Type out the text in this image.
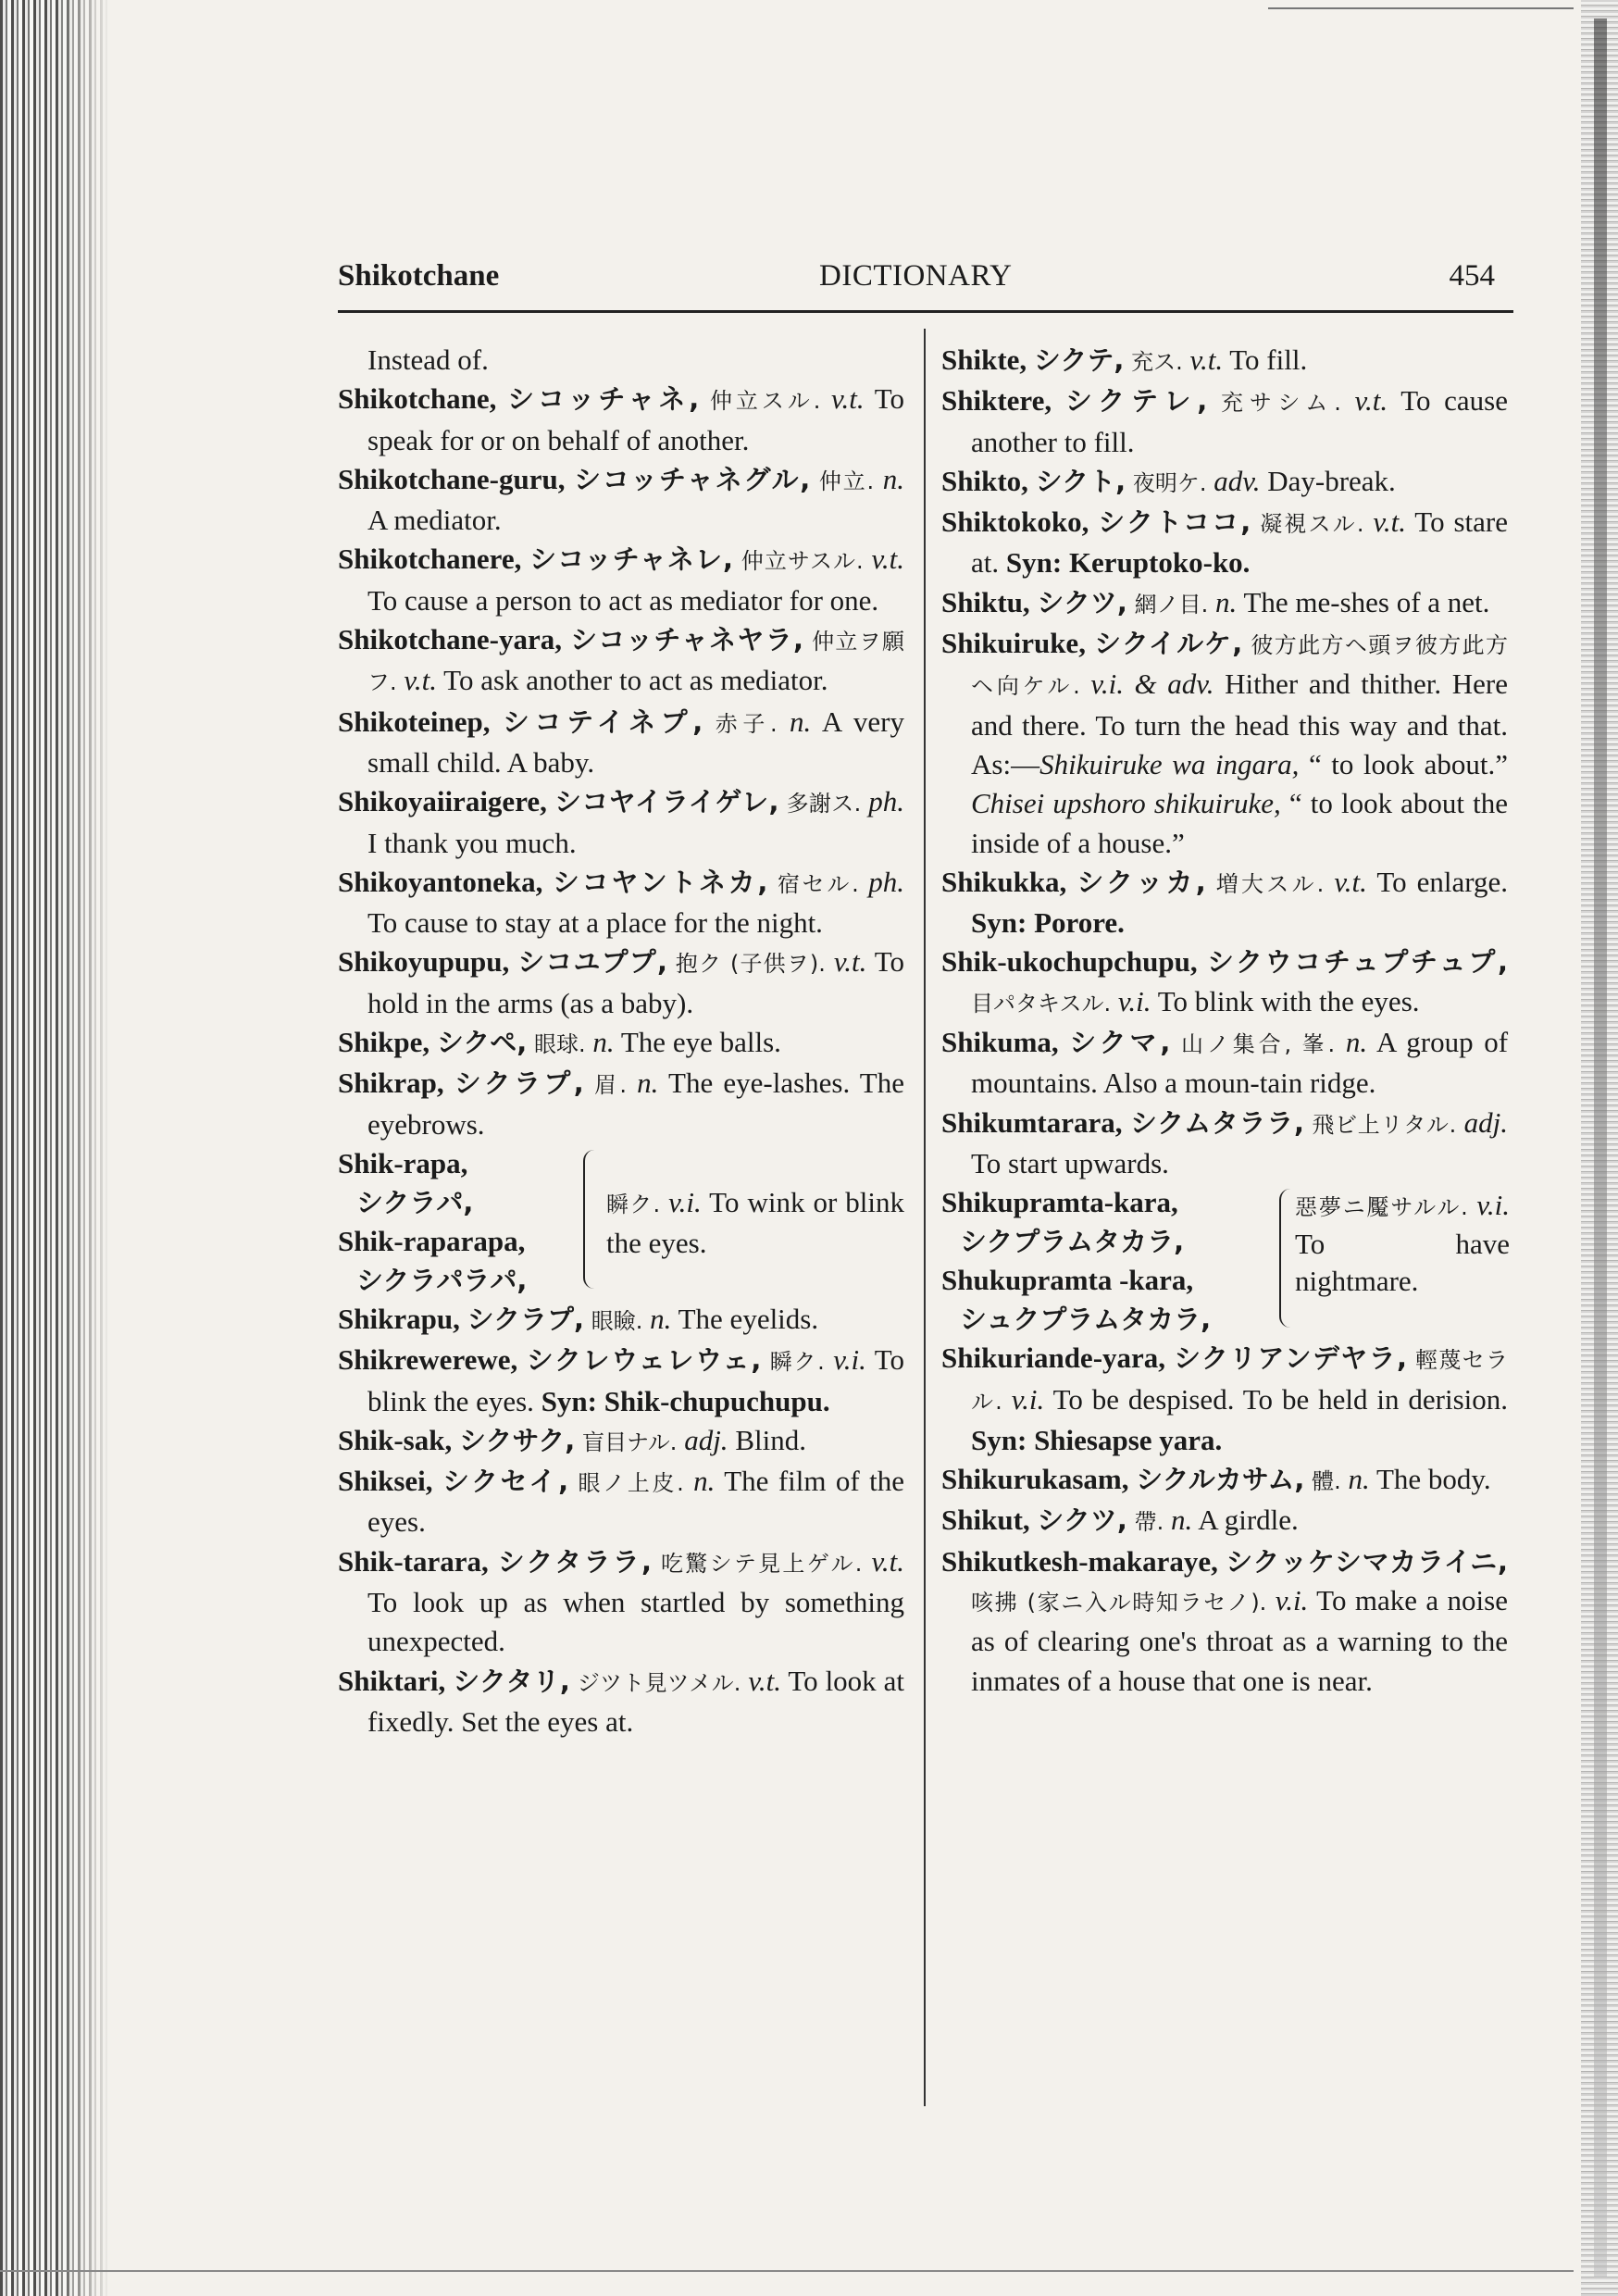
Shikotchane	DICTIONARY	454

Instead of.

Shikotchane, シコッチャネ, 仲立スル. v.t. To speak for or on behalf of another.

Shikotchane-guru, シコッチャネグル, 仲立. n. A mediator.

Shikotchanere, シコッチャネレ, 仲立サスル. v.t. To cause a person to act as mediator for one.

Shikotchane-yara, シコッチャネヤラ, 仲立ヲ願フ. v.t. To ask another to act as mediator.

Shikoteinep, シコテイネプ, 赤子. n. A very small child. A baby.

Shikoyaiiraigere, シコヤイライゲレ, 多謝ス. ph. I thank you much.

Shikoyantoneka, シコヤントネカ, 宿セル. ph. To cause to stay at a place for the night.

Shikoyupupu, シコユププ, 抱ク (子供ヲ). v.t. To hold in the arms (as a baby).

Shikpe, シクペ, 眼球. n. The eye balls.

Shikrap, シクラプ, 眉. n. The eye-lashes. The eyebrows.

Shik-rapa,
シクラパ,
Shik-raparapa,
シクラパラパ,
瞬ク. v.i. To wink or blink the eyes.

Shikrapu, シクラプ, 眼瞼. n. The eyelids.

Shikrewerewe, シクレウェレウェ, 瞬ク. v.i. To blink the eyes. Syn: Shik-chupuchupu.

Shik-sak, シクサク, 盲目ナル. adj. Blind.

Shiksei, シクセイ, 眼ノ上皮. n. The film of the eyes.

Shik-tarara, シクタララ, 吃驚シテ見上ゲル. v.t. To look up as when startled by something unexpected.

Shiktari, シクタリ, ジツト見ツメル. v.t. To look at fixedly. Set the eyes at.

Shikte, シクテ, 充ス. v.t. To fill.

Shiktere, シクテレ, 充サシム. v.t. To cause another to fill.

Shikto, シクト, 夜明ケ. adv. Day-break.

Shiktokoko, シクトココ, 凝視スル. v.t. To stare at. Syn: Keruptoko-ko.

Shiktu, シクツ, 網ノ目. n. The me-shes of a net.

Shikuiruke, シクイルケ, 彼方此方ヘ頭ヲ彼方此方ヘ向ケル. v.i. & adv. Hither and thither. Here and there. To turn the head this way and that. As:—Shikuiruke wa ingara, “ to look about.” Chisei upshoro shikuiruke, “ to look about the inside of a house.”

Shikukka, シクッカ, 増大スル. v.t. To enlarge. Syn: Porore.

Shik-ukochupchupu, シクウコチュプチュプ, 目パタキスル. v.i. To blink with the eyes.

Shikuma, シクマ, 山ノ集合, 峯. n. A group of mountains. Also a moun-tain ridge.

Shikumtarara, シクムタララ, 飛ビ上リタル. adj. To start upwards.

Shikupramta-kara,
シクプラムタカラ,
Shukupramta -kara,
シュクプラムタカラ,
惡夢ニ魘サルル. v.i. To have nightmare.

Shikuriande-yara, シクリアンデヤラ, 輕蔑セラル. v.i. To be despised. To be held in derision. Syn: Shiesapse yara.

Shikurukasam, シクルカサム, 體. n. The body.

Shikut, シクツ, 帶. n. A girdle.

Shikutkesh-makaraye, シクッケシマカライニ, 咳拂 (家ニ入ル時知ラセノ). v.i. To make a noise as of clearing one's throat as a warning to the inmates of a house that one is near.
